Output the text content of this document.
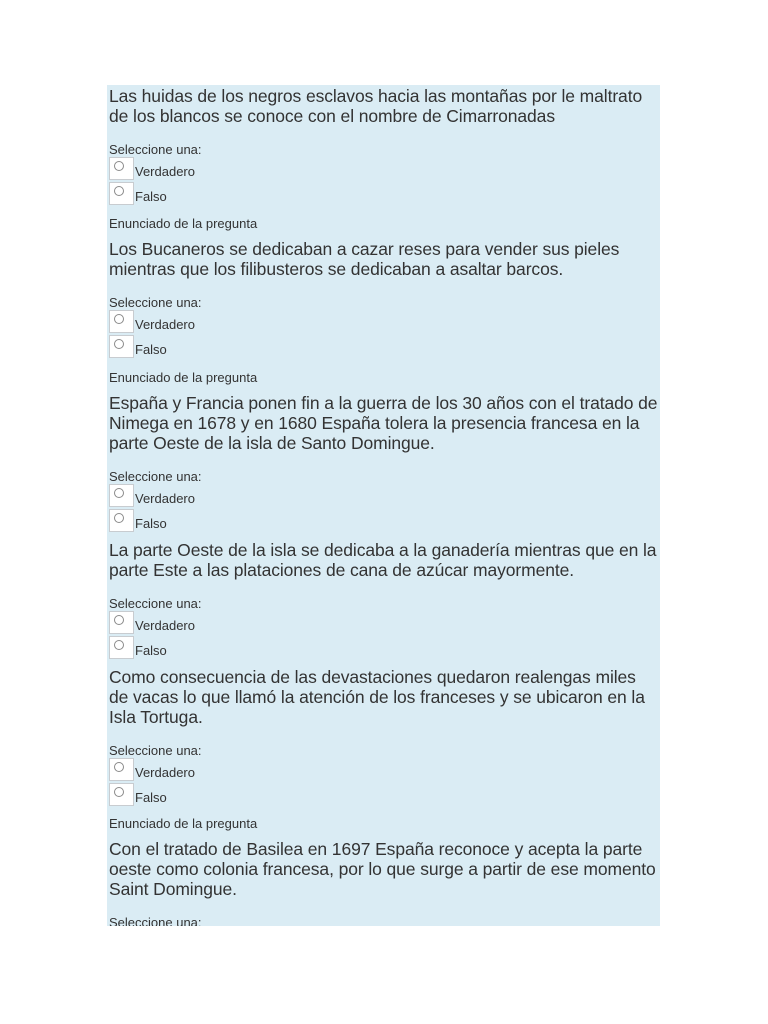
Las huidas de los negros esclavos hacia las montañas por le maltrato de los blancos se conoce con el nombre de Cimarronadas

Seleccione una:
Verdadero
Falso
Enunciado de la pregunta

Los Bucaneros se dedicaban a cazar reses para vender sus pieles mientras que los filibusteros se dedicaban a asaltar barcos.

Seleccione una:
Verdadero
Falso
Enunciado de la pregunta

España y Francia ponen fin a la guerra de los 30 años con el tratado de Nimega en 1678 y en 1680 España tolera la presencia francesa en la parte Oeste de la isla de Santo Domingue.

Seleccione una:
Verdadero
Falso

La parte Oeste de la isla se dedicaba a la ganadería mientras que en la parte Este a las plataciones de cana de azúcar mayormente.

Seleccione una:
Verdadero
Falso

Como consecuencia de las devastaciones quedaron realengas miles de vacas lo que llamó la atención de los franceses y se ubicaron en la Isla Tortuga.

Seleccione una:
Verdadero
Falso
Enunciado de la pregunta

Con el tratado de Basilea en 1697 España reconoce y acepta la parte oeste como colonia francesa, por lo que surge a partir de ese momento Saint Domingue.

Seleccione una:
